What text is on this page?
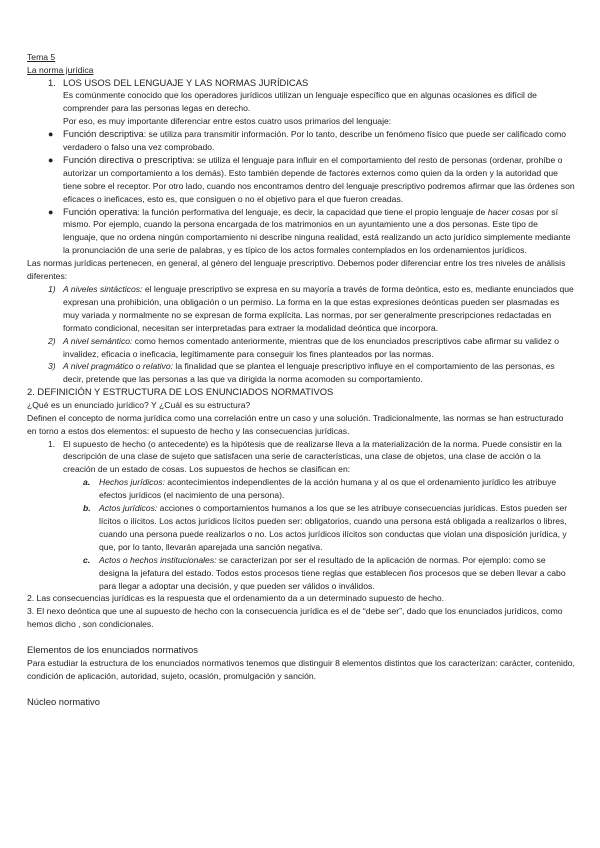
Tema 5

La norma jurídica

1. LOS USOS DEL LENGUAJE Y LAS NORMAS JURÍDICAS

Es comúnmente conocido que los operadores jurídicos utilizan un lenguaje específico que en algunas ocasiones es difícil de comprender para las personas legas en derecho.

Por eso, es muy importante diferenciar entre estos cuatro usos primarios del lenguaje:

● Función descriptiva: se utiliza para transmitir información. Por lo tanto, describe un fenómeno físico que puede ser calificado como verdadero o falso una vez comprobado.
● Función directiva o prescriptiva: se utiliza el lenguaje para influir en el comportamiento del resto de personas (ordenar, prohíbe o autorizar un comportamiento a los demás). Esto también depende de factores externos como quien da la orden y la autoridad que tiene sobre el receptor. Por otro lado, cuando nos encontramos dentro del lenguaje prescriptivo podremos afirmar que las órdenes son eficaces o ineficaces, esto es, que consiguen o no el objetivo para el que fueron creadas.
● Función operativa: la función performativa del lenguaje, es decir, la capacidad que tiene el propio lenguaje de hacer cosas por sí mismo. Por ejemplo, cuando la persona encargada de los matrimonios en un ayuntamiento une a dos personas. Este tipo de lenguaje, que no ordena ningún comportamiento ni describe ninguna realidad, está realizando un acto jurídico simplemente mediante la pronunciación de una serie de palabras, y es típico de los actos formales contemplados en los ordenamientos jurídicos.

Las normas jurídicas pertenecen, en general, al género del lenguaje prescriptivo. Debemos poder diferenciar entre los tres niveles de análisis diferentes:

1) A niveles sintácticos: el lenguaje prescriptivo se expresa en su mayoría a través de forma deóntica, esto es, mediante enunciados que expresan una prohibición, una obligación o un permiso. La forma en la que estas expresiones deónticas pueden ser plasmadas es muy variada y normalmente no se expresan de forma explícita. Las normas, por ser generalmente prescripciones redactadas en formato condicional, necesitan ser interpretadas para extraer la modalidad deóntica que incorpora.
2) A nivel semántico: como hemos comentado anteriormente, mientras que de los enunciados prescriptivos cabe afirmar su validez o invalidez, eficacia o ineficacia, legítimamente para conseguir los fines planteados por las normas.
3) A nivel pragmático o relativo: la finalidad que se plantea el lenguaje prescriptivo influye en el comportamiento de las personas, es decir, pretende que las personas a las que va dirigida la norma acomoden su comportamiento.

2. DEFINICIÓN Y ESTRUCTURA DE LOS ENUNCIADOS NORMATIVOS

¿Qué es un enunciado jurídico? Y ¿Cuál es su estructura?

Definen el concepto de norma jurídica como una correlación entre un caso y una solución. Tradicionalmente, las normas se han estructurado en torno a estos dos elementos: el supuesto de hecho y las consecuencias jurídicas.

1. El supuesto de hecho (o antecedente) es la hipótesis que de realizarse lleva a la materialización de la norma. Puede consistir en la descripción de una clase de sujeto que satisfacen una serie de características, una clase de objetos, una clase de acción o la creación de un estado de cosas. Los supuestos de hechos se clasifican en:
a. Hechos jurídicos: acontecimientos independientes de la acción humana y al os que el ordenamiento jurídico les atribuye efectos jurídicos (el nacimiento de una persona).
b. Actos jurídicos: acciones o comportamientos humanos a los que se les atribuye consecuencias jurídicas. Estos pueden ser lícitos o ilícitos. Los actos jurídicos lícitos pueden ser: obligatorios, cuando una persona está obligada a realizarlos o libres, cuando una persona puede realizarlos o no. Los actos jurídicos ilícitos son conductas que violan una disposición jurídica, y que, por lo tanto, llevarán aparejada una sanción negativa.
c. Actos o hechos institucionales: se caracterizan por ser el resultado de la aplicación de normas. Por ejemplo: como se designa la jefatura del estado. Todos estos procesos tiene reglas que establecen ños procesos que se deben llevar a cabo para llegar a adoptar una decisión, y que pueden ser válidos o inválidos.

2. Las consecuencias jurídicas es la respuesta que el ordenamiento da a un determinado supuesto de hecho.

3. El nexo deóntica que une al supuesto de hecho con la consecuencia jurídica es el de “debe ser”, dado que los enunciados jurídicos, como hemos dicho , son condicionales.

Elementos de los enunciados normativos

Para estudiar la estructura de los enunciados normativos tenemos que distinguir 8 elementos distintos que los caracterizan: carácter, contenido, condición de aplicación, autoridad, sujeto, ocasión, promulgación y sanción.

Núcleo normativo
